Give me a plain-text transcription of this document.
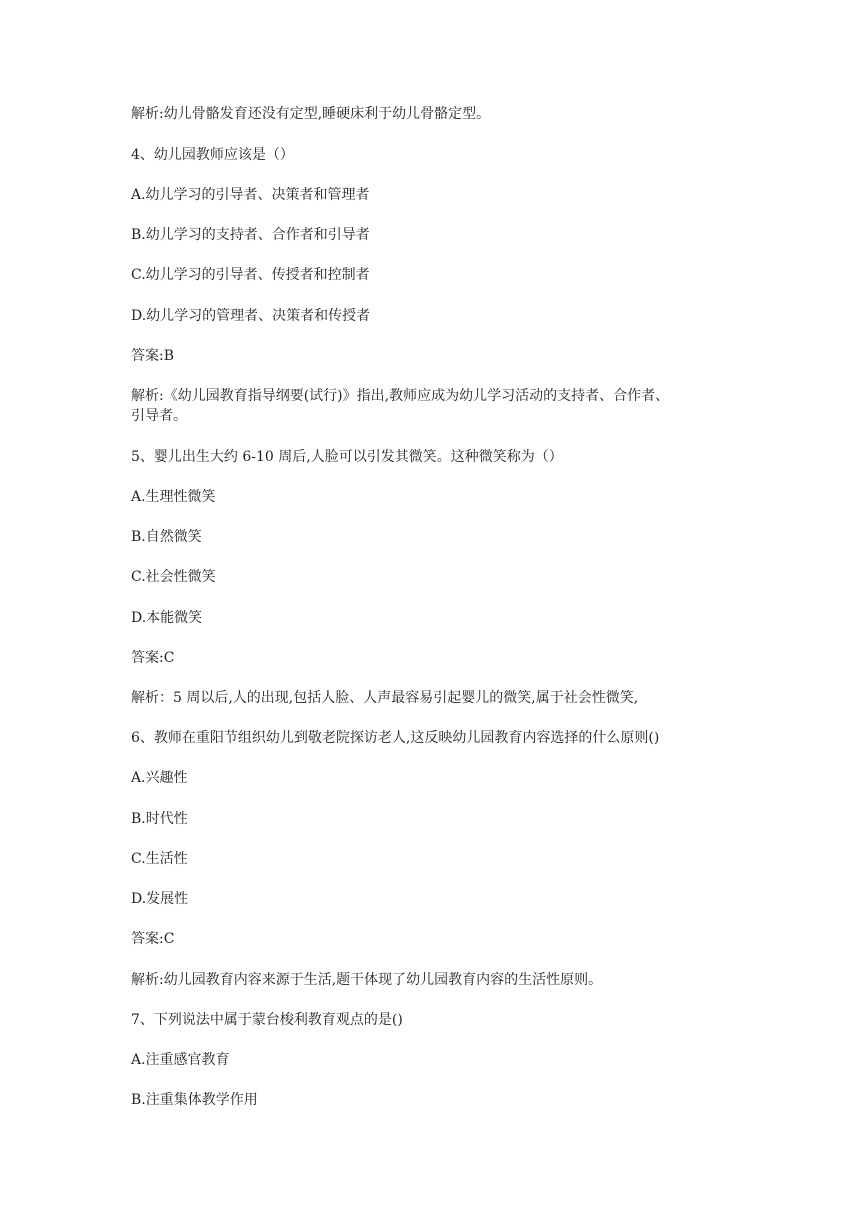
解析:幼儿骨骼发育还没有定型,睡硬床利于幼儿骨骼定型。

4、幼儿园教师应该是（）

A.幼儿学习的引导者、决策者和管理者

B.幼儿学习的支持者、合作者和引导者

C.幼儿学习的引导者、传授者和控制者

D.幼儿学习的管理者、决策者和传授者

答案:B

解析:《幼儿园教育指导纲要(试行)》指出,教师应成为幼儿学习活动的支持者、合作者、

引导者。

5、婴儿出生大约 6-10 周后,人脸可以引发其微笑。这种微笑称为（）

A.生理性微笑

B.自然微笑

C.社会性微笑

D.本能微笑

答案:C

解析：5 周以后,人的出现,包括人脸、人声最容易引起婴儿的微笑,属于社会性微笑,

6、教师在重阳节组织幼儿到敬老院探访老人,这反映幼儿园教育内容选择的什么原则()

A.兴趣性

B.时代性

C.生活性

D.发展性

答案:C

解析:幼儿园教育内容来源于生活,题干体现了幼儿园教育内容的生活性原则。

7、下列说法中属于蒙台梭利教育观点的是()

A.注重感官教育

B.注重集体教学作用
